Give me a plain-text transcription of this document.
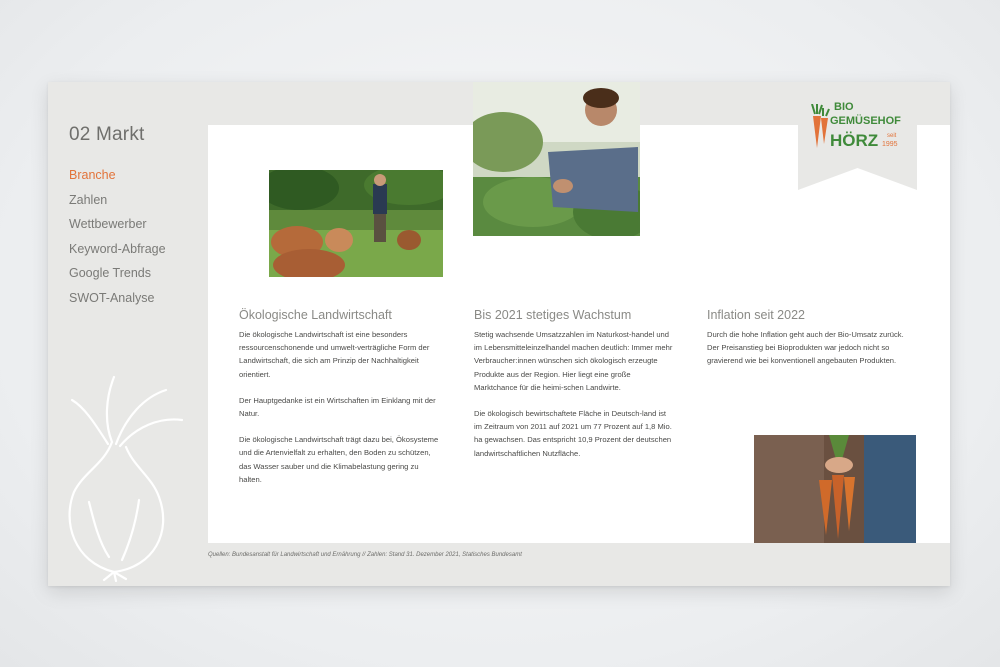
02 Markt
Branche
Zahlen
Wettbewerber
Keyword-Abfrage
Google Trends
SWOT-Analyse
BIO
GEMÜSEHOF
HÖRZ seit
1995
Ökologische Landwirtschaft

Die ökologische Landwirtschaft ist eine besonders ressourcenschonende und umwelt-verträgliche Form der Landwirtschaft, die sich am Prinzip der Nachhaltigkeit orientiert.

Der Hauptgedanke ist ein Wirtschaften im Einklang mit der Natur.

Die ökologische Landwirtschaft trägt dazu bei, Ökosysteme und die Artenvielfalt zu erhalten, den Boden zu schützen, das Wasser sauber und die Klimabelastung gering zu halten.

Bis 2021 stetiges Wachstum

Stetig wachsende Umsatzzahlen im Naturkost-handel und im Lebensmitteleinzelhandel machen deutlich: Immer mehr Verbraucher:innen wünschen sich ökologisch erzeugte Produkte aus der Region. Hier liegt eine große Marktchance für die heimi-schen Landwirte.

Die ökologisch bewirtschaftete Fläche in Deutsch-land ist im Zeitraum von 2011 auf 2021 um 77 Prozent auf 1,8 Mio. ha gewachsen. Das entspricht 10,9 Prozent der deutschen landwirtschaftlichen Nutzfläche.

Inflation seit 2022

Durch die hohe Inflation geht auch der Bio-Umsatz zurück. Der Preisanstieg bei Bioprodukten war jedoch nicht so gravierend wie bei konventionell angebauten Produkten.

Quellen: Bundesanstalt für Landwirtschaft und Ernährung // Zahlen: Stand 31. Dezember 2021, Statisches Bundesamt
